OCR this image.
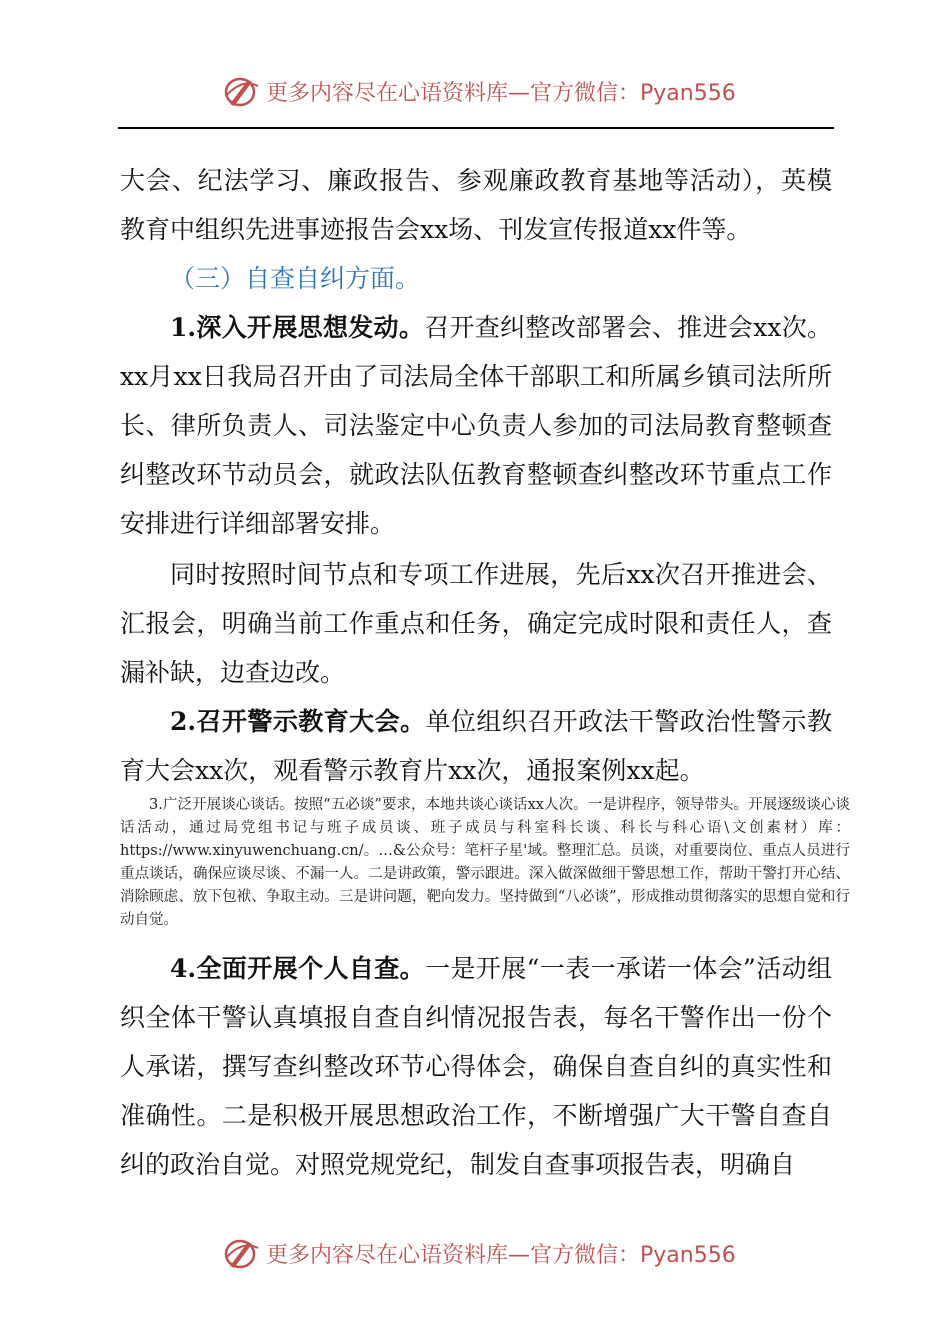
更多内容尽在心语资料库—官方微信：Pyan556

大会、纪法学习、廉政报告、参观廉政教育基地等活动），英模教育中组织先进事迹报告会xx场、刊发宣传报道xx件等。

（三）自查自纠方面。

1.深入开展思想发动。召开查纠整改部署会、推进会xx次。xx月xx日我局召开由了司法局全体干部职工和所属乡镇司法所所长、律所负责人、司法鉴定中心负责人参加的司法局教育整顿查纠整改环节动员会，就政法队伍教育整顿查纠整改环节重点工作安排进行详细部署安排。

同时按照时间节点和专项工作进展，先后xx次召开推进会、汇报会，明确当前工作重点和任务，确定完成时限和责任人，查漏补缺，边查边改。

2.召开警示教育大会。单位组织召开政法干警政治性警示教育大会xx次，观看警示教育片xx次，通报案例xx起。

3.广泛开展谈心谈话。按照“五必谈”要求，本地共谈心谈话xx人次。一是讲程序，领导带头。开展逐级谈心谈话活动，通过局党组书记与班子成员谈、班子成员与科室科长谈、科长与科心语\文创素材）库：https://www.xinyuwenchuang.cn/。…&公众号：笔杆子星'域。整理汇总。员谈，对重要岗位、重点人员进行重点谈话，确保应谈尽谈、不漏一人。二是讲政策，警示跟进。深入做深做细干警思想工作，帮助干警打开心结、消除顾虑、放下包袱、争取主动。三是讲问题，靶向发力。坚持做到“八必谈”，形成推动贯彻落实的思想自觉和行动自觉。

4.全面开展个人自查。一是开展“一表一承诺一体会”活动组织全体干警认真填报自查自纠情况报告表，每名干警作出一份个人承诺，撰写查纠整改环节心得体会，确保自查自纠的真实性和准确性。二是积极开展思想政治工作，不断增强广大干警自查自纠的政治自觉。对照党规党纪，制发自查事项报告表，明确自

更多内容尽在心语资料库—官方微信：Pyan556
